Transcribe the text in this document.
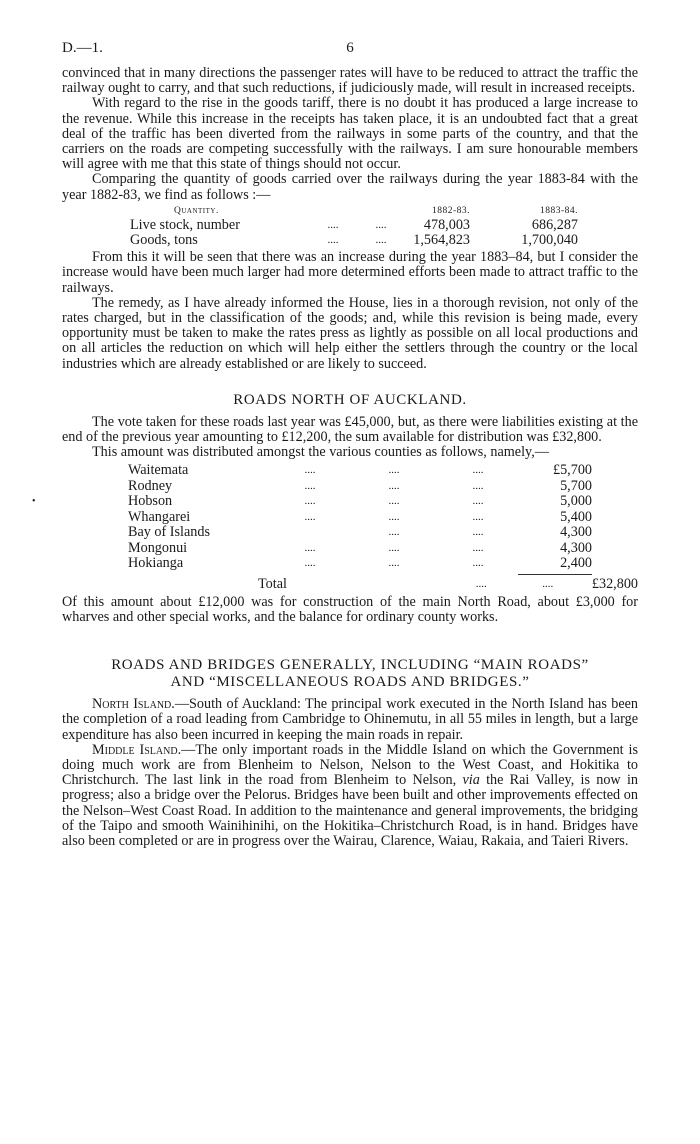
•
D.—1.	6

convinced that in many directions the passenger rates will have to be reduced to attract the traffic the railway ought to carry, and that such reductions, if judiciously made, will result in increased receipts.

With regard to the rise in the goods tariff, there is no doubt it has produced a large increase to the revenue. While this increase in the receipts has taken place, it is an undoubted fact that a great deal of the traffic has been diverted from the railways in some parts of the country, and that the carriers on the roads are competing successfully with the railways. I am sure honourable members will agree with me that this state of things should not occur.

Comparing the quantity of goods carried over the railways during the year 1883-84 with the year 1882-83, we find as follows :—

Quantity.	1882-83.	1883-84.
Live stock, number	....	....	478,003	686,287
Goods, tons	....	....	1,564,823	1,700,040

From this it will be seen that there was an increase during the year 1883–84, but I consider the increase would have been much larger had more determined efforts been made to attract traffic to the railways.

The remedy, as I have already informed the House, lies in a thorough revision, not only of the rates charged, but in the classification of the goods; and, while this revision is being made, every opportunity must be taken to make the rates press as lightly as possible on all local productions and on all articles the reduction on which will help either the settlers through the country or the local industries which are already established or are likely to succeed.

ROADS NORTH OF AUCKLAND.

The vote taken for these roads last year was £45,000, but, as there were liabilities existing at the end of the previous year amounting to £12,200, the sum available for distribution was £32,800.

This amount was distributed amongst the various counties as follows, namely,—

Waitemata	....	....	....	£5,700
Rodney	....	....	....	5,700
Hobson	....	....	....	5,000
Whangarei	....	....	....	5,400
Bay of Islands	....	....	4,300
Mongonui	....	....	....	4,300
Hokianga	....	....	....	2,400
Total	....	....	£32,800

Of this amount about £12,000 was for construction of the main North Road, about £3,000 for wharves and other special works, and the balance for ordinary county works.

ROADS AND BRIDGES GENERALLY, INCLUDING “MAIN ROADS”
AND “MISCELLANEOUS ROADS AND BRIDGES.”

North Island.—South of Auckland: The principal work executed in the North Island has been the completion of a road leading from Cambridge to Ohinemutu, in all 55 miles in length, but a large expenditure has also been incurred in keeping the main roads in repair.

Middle Island.—The only important roads in the Middle Island on which the Government is doing much work are from Blenheim to Nelson, Nelson to the West Coast, and Hokitika to Christchurch. The last link in the road from Blenheim to Nelson, via the Rai Valley, is now in progress; also a bridge over the Pelorus. Bridges have been built and other improvements effected on the Nelson–West Coast Road. In addition to the maintenance and general improvements, the bridging of the Taipo and smooth Wainihinihi, on the Hokitika–Christchurch Road, is in hand. Bridges have also been completed or are in progress over the Wairau, Clarence, Waiau, Rakaia, and Taieri Rivers.
